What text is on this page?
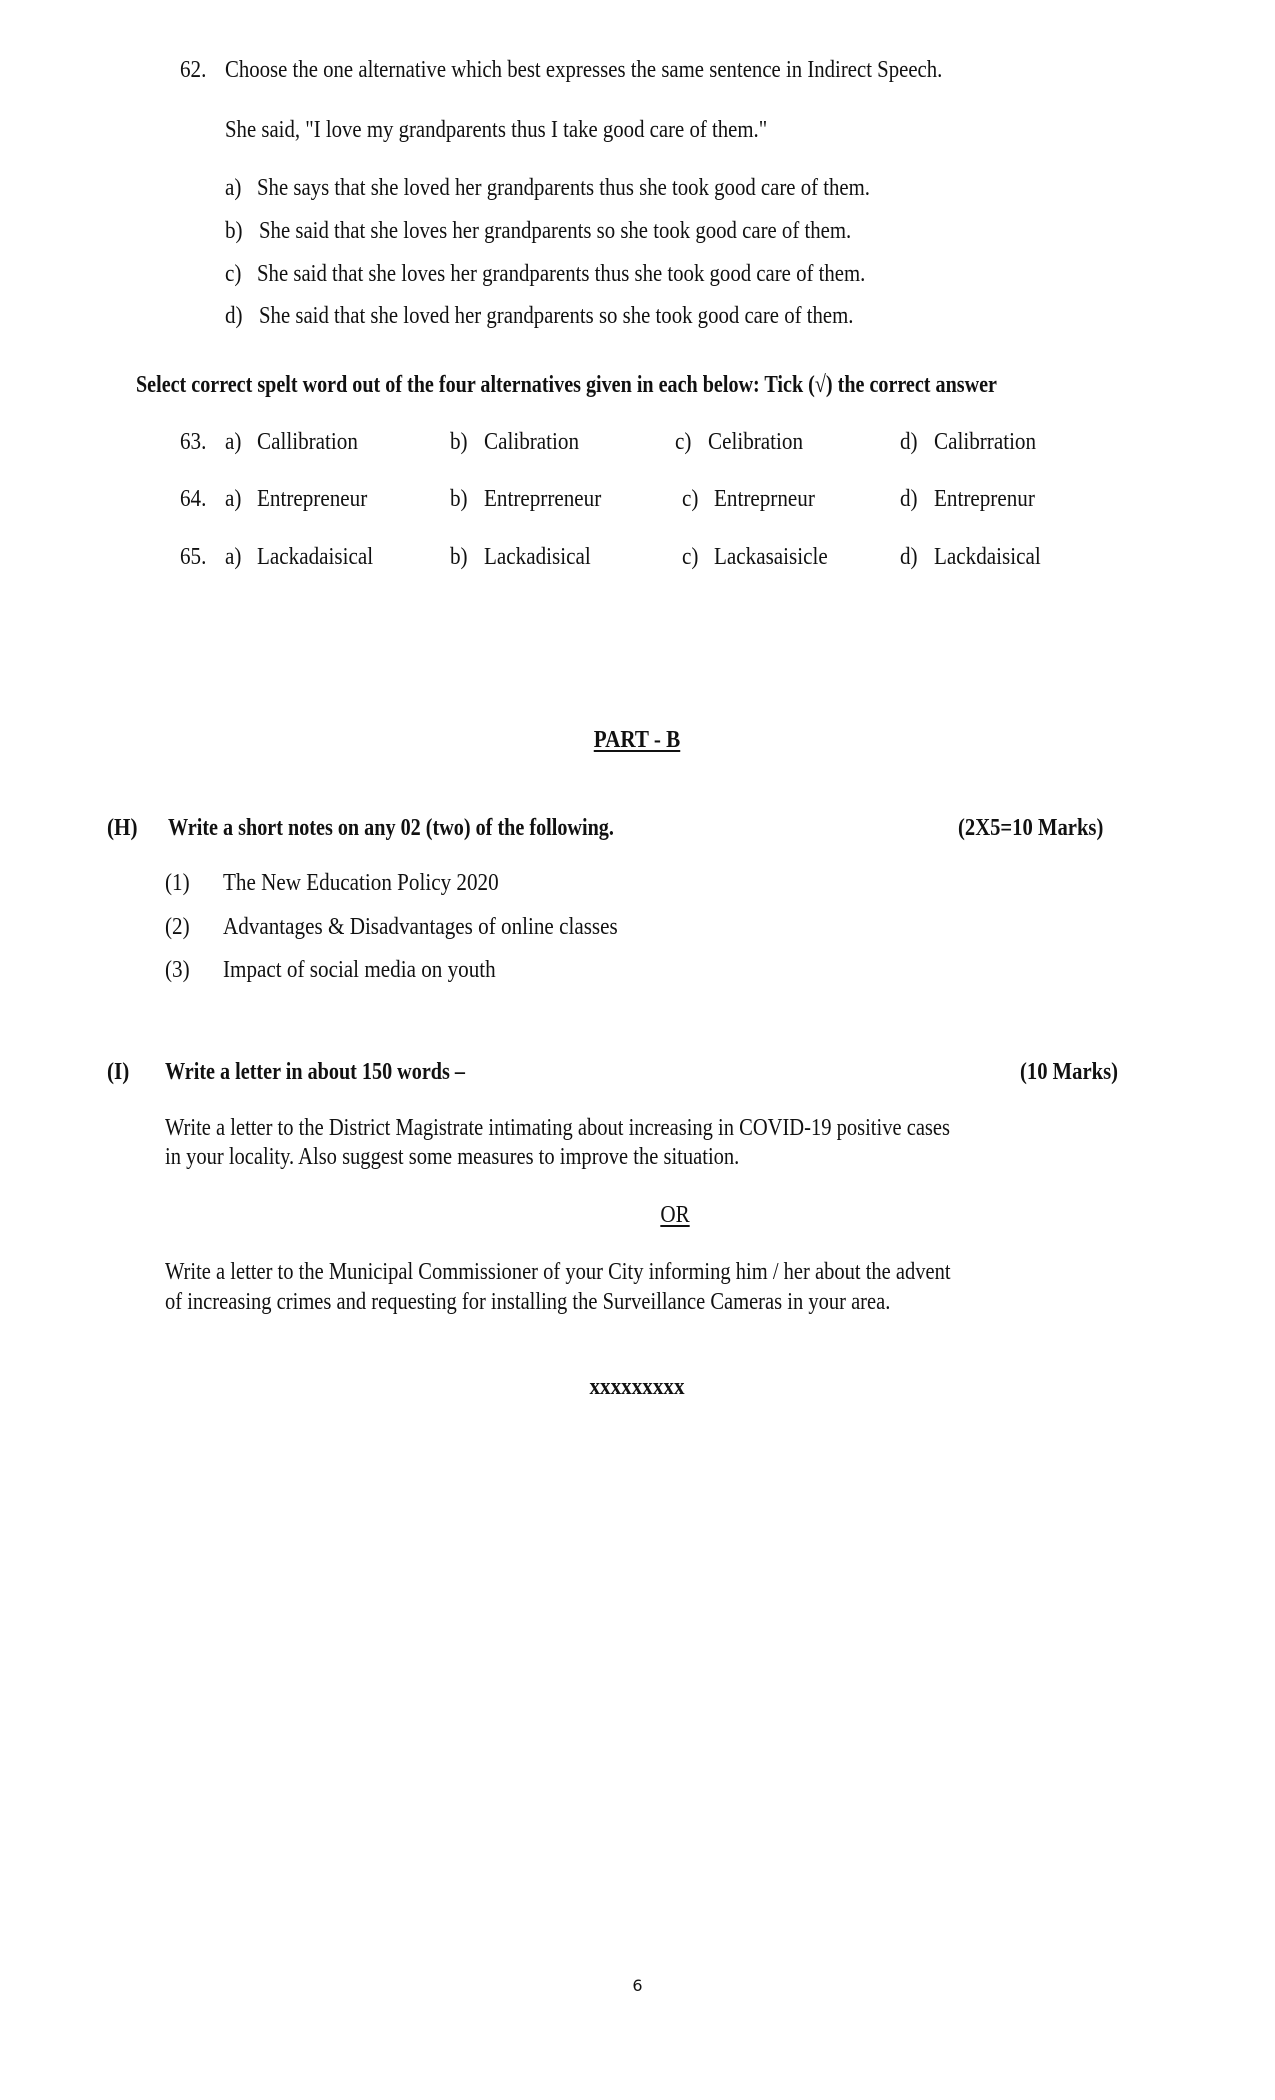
62. Choose the one alternative which best expresses the same sentence in Indirect Speech.
She said, "I love my grandparents thus I take good care of them."
a) She says that she loved her grandparents thus she took good care of them.
b) She said that she loves her grandparents so she took good care of them.
c) She said that she loves her grandparents thus she took good care of them.
d) She said that she loved her grandparents so she took good care of them.
Select correct spelt word out of the four alternatives given in each below: Tick (√) the correct answer
63. a) Callibration	b) Calibration	c) Celibration	d) Calibrration
64. a) Entrepreneur	b) Entreprreneur	c) Entreprneur	d) Entreprenur
65. a) Lackadaisical	b) Lackadisical	c) Lackasaisicle	d) Lackdaisical
PART - B
(H) Write a short notes on any 02 (two) of the following.	(2X5=10 Marks)
(1) The New Education Policy 2020
(2) Advantages & Disadvantages of online classes
(3) Impact of social media on youth
(I) Write a letter in about 150 words –	(10 Marks)
Write a letter to the District Magistrate intimating about increasing in COVID-19 positive cases
in your locality. Also suggest some measures to improve the situation.
OR
Write a letter to the Municipal Commissioner of your City informing him / her about the advent
of increasing crimes and requesting for installing the Surveillance Cameras in your area.
xxxxxxxxx
6
